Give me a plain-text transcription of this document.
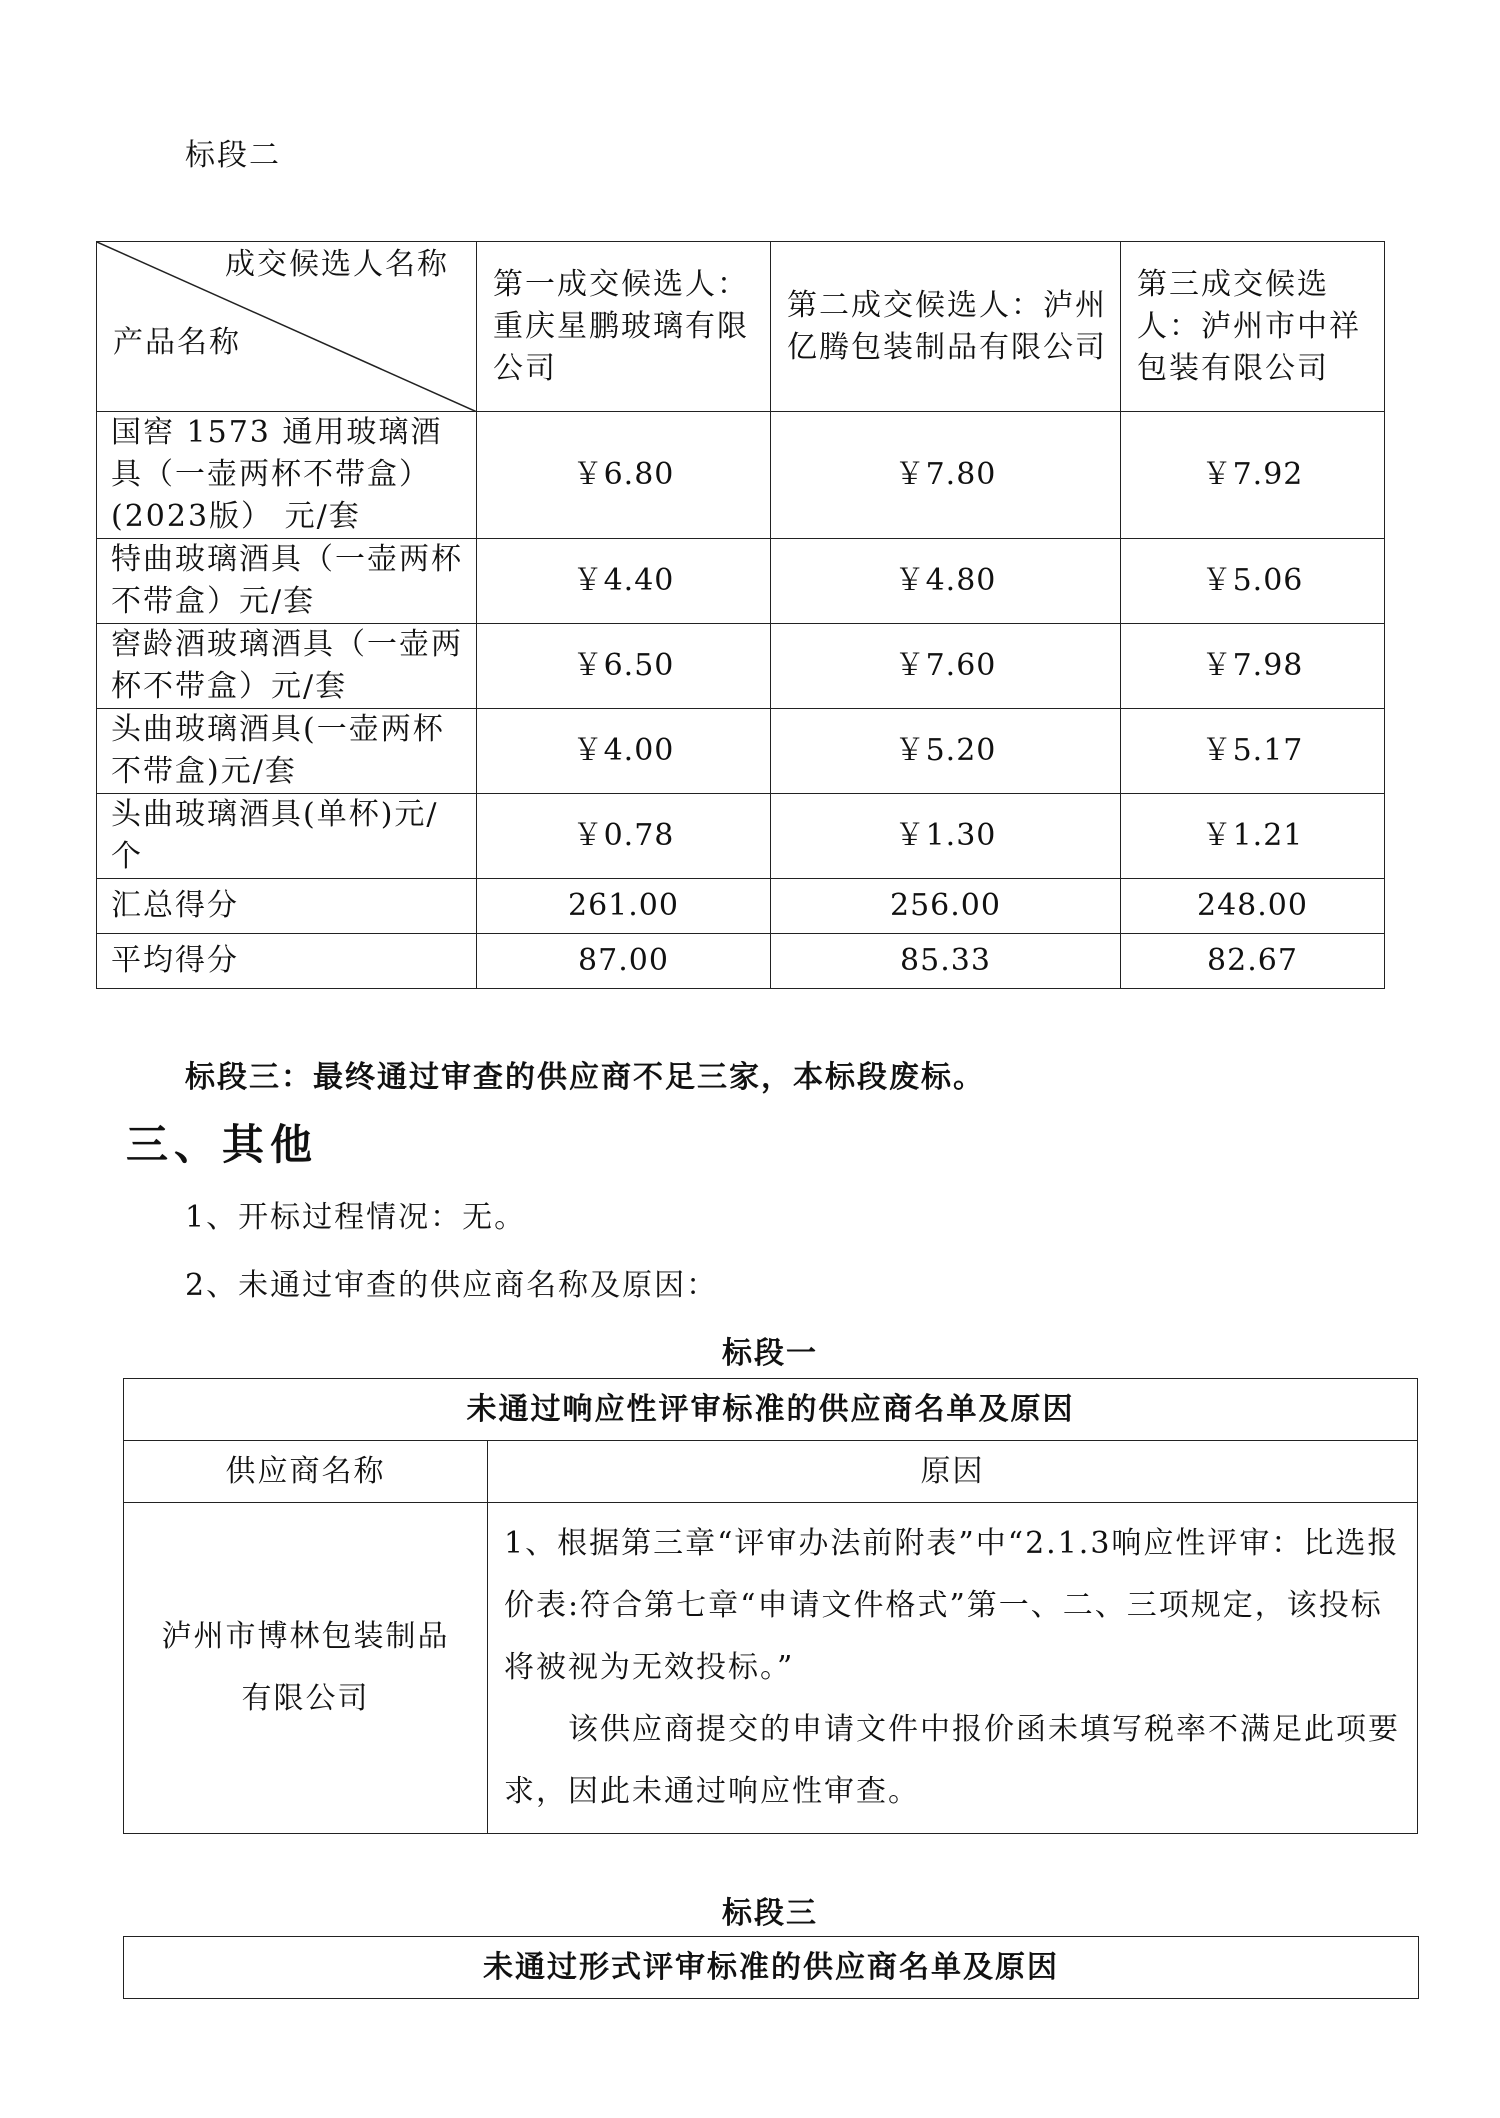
标段二
成交候选人名称
产品名称	第一成交候选人：重庆星鹏玻璃有限公司	第二成交候选人：泸州亿腾包装制品有限公司	第三成交候选人：泸州市中祥包装有限公司
国窖 1573 通用玻璃酒具（一壶两杯不带盒）(2023版） 元/套	￥6.80	￥7.80	￥7.92
特曲玻璃酒具（一壶两杯不带盒）元/套	￥4.40	￥4.80	￥5.06
窖龄酒玻璃酒具（一壶两杯不带盒）元/套	￥6.50	￥7.60	￥7.98
头曲玻璃酒具(一壶两杯不带盒)元/套	￥4.00	￥5.20	￥5.17
头曲玻璃酒具(单杯)元/个	￥0.78	￥1.30	￥1.21
汇总得分	261.00	256.00	248.00
平均得分	87.00	85.33	82.67
标段三：最终通过审查的供应商不足三家，本标段废标。
三、其他
1、开标过程情况：无。
2、未通过审查的供应商名称及原因：
标段一
未通过响应性评审标准的供应商名单及原因	
供应商名称	原因
泸州市博林包装制品有限公司	1、根据第三章“评审办法前附表”中“2.1.3响应性评审：比选报价表:符合第七章“申请文件格式”第一、二、三项规定，该投标将被视为无效投标。”
该供应商提交的申请文件中报价函未填写税率不满足此项要求，因此未通过响应性审查。
标段三
未通过形式评审标准的供应商名单及原因
